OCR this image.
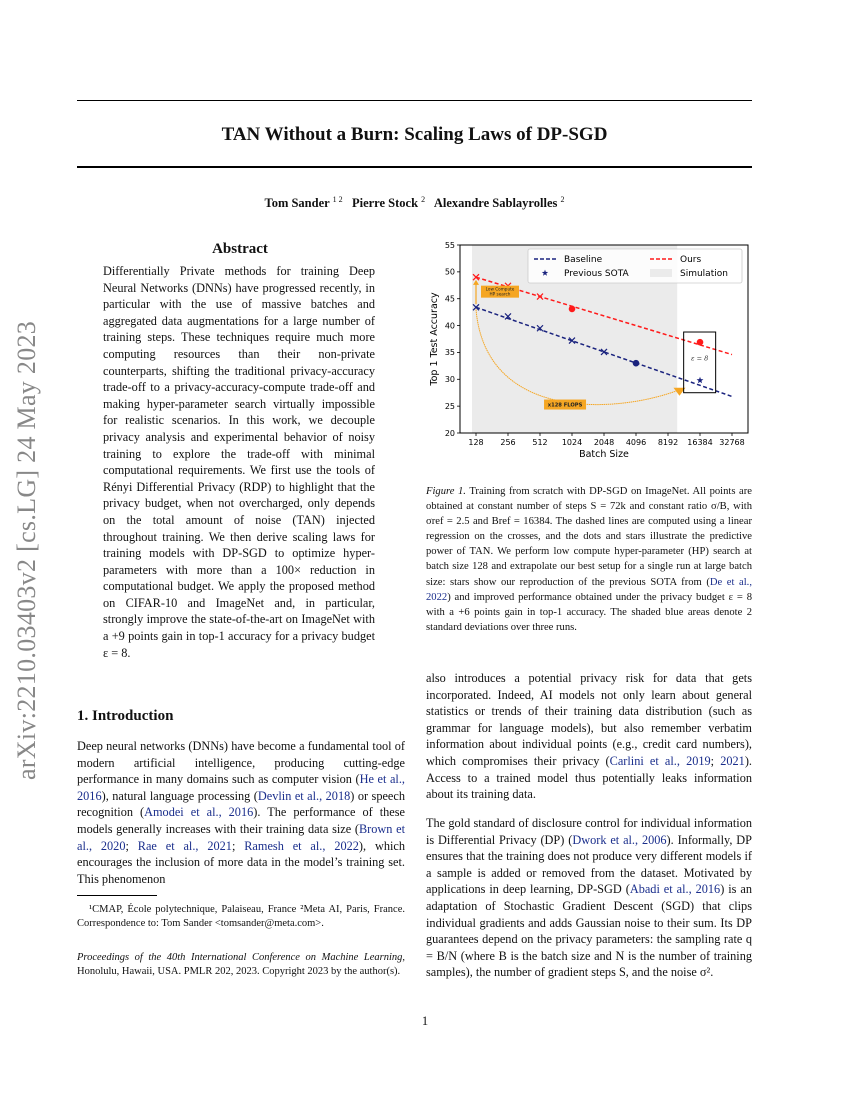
arXiv:2210.03403v2 [cs.LG] 24 May 2023
TAN Without a Burn: Scaling Laws of DP-SGD
Tom Sander $^{1 2}$ Pierre Stock $^2$ Alexandre Sablayrolles $^2$
Abstract
Differentially Private methods for training Deep Neural Networks (DNNs) have progressed recently, in particular with the use of massive batches and aggregated data augmentations for a large number of training steps. These techniques require much more computing resources than their non-private counterparts, shifting the traditional privacy-accuracy trade-off to a privacy-accuracy-compute trade-off and making hyper-parameter search virtually impossible for realistic scenarios. In this work, we decouple privacy analysis and experimental behavior of noisy training to explore the trade-off with minimal computational requirements. We first use the tools of Rényi Differential Privacy (RDP) to highlight that the privacy budget, when not overcharged, only depends on the total amount of noise (TAN) injected throughout training. We then derive scaling laws for training models with DP-SGD to optimize hyper-parameters with more than a 100× reduction in computational budget. We apply the proposed method on CIFAR-10 and ImageNet and, in particular, strongly improve the state-of-the-art on ImageNet with a +9 points gain in top-1 accuracy for a privacy budget ε = 8.
1. Introduction
Deep neural networks (DNNs) have become a fundamental tool of modern artificial intelligence, producing cutting-edge performance in many domains such as computer vision (He et al., 2016), natural language processing (Devlin et al., 2018) or speech recognition (Amodei et al., 2016). The performance of these models generally increases with their training data size (Brown et al., 2020; Rae et al., 2021; Ramesh et al., 2022), which encourages the inclusion of more data in the model’s training set. This phenomenon
¹CMAP, École polytechnique, Palaiseau, France ²Meta AI, Paris, France. Correspondence to: Tom Sander <tomsander@meta.com>.
Proceedings of the 40th International Conference on Machine Learning, Honolulu, Hawaii, USA. PMLR 202, 2023. Copyright 2023 by the author(s).
Low Compute HP search
x128 FLOPS
ε = 8
20
25
30
35
40
45
50
55
128 256 512 1024 2048 4096 8192 16384 32768
Batch Size
Top 1 Test Accuracy
Baseline	Ours
Previous SOTA	Simulation
Figure 1. Training from scratch with DP-SGD on ImageNet. All points are obtained at constant number of steps S = 72k and constant ratio σ/B, with σref = 2.5 and Bref = 16384. The dashed lines are computed using a linear regression on the crosses, and the dots and stars illustrate the predictive power of TAN. We perform low compute hyper-parameter (HP) search at batch size 128 and extrapolate our best setup for a single run at large batch size: stars show our reproduction of the previous SOTA from (De et al., 2022) and improved performance obtained under the privacy budget ε = 8 with a +6 points gain in top-1 accuracy. The shaded blue areas denote 2 standard deviations over three runs.
also introduces a potential privacy risk for data that gets incorporated. Indeed, AI models not only learn about general statistics or trends of their training data distribution (such as grammar for language models), but also remember verbatim information about individual points (e.g., credit card numbers), which compromises their privacy (Carlini et al., 2019; 2021). Access to a trained model thus potentially leaks information about its training data.
The gold standard of disclosure control for individual information is Differential Privacy (DP) (Dwork et al., 2006). Informally, DP ensures that the training does not produce very different models if a sample is added or removed from the dataset. Motivated by applications in deep learning, DP-SGD (Abadi et al., 2016) is an adaptation of Stochastic Gradient Descent (SGD) that clips individual gradients and adds Gaussian noise to their sum. Its DP guarantees depend on the privacy parameters: the sampling rate q = B/N (where B is the batch size and N is the number of training samples), the number of gradient steps S, and the noise σ².
1
